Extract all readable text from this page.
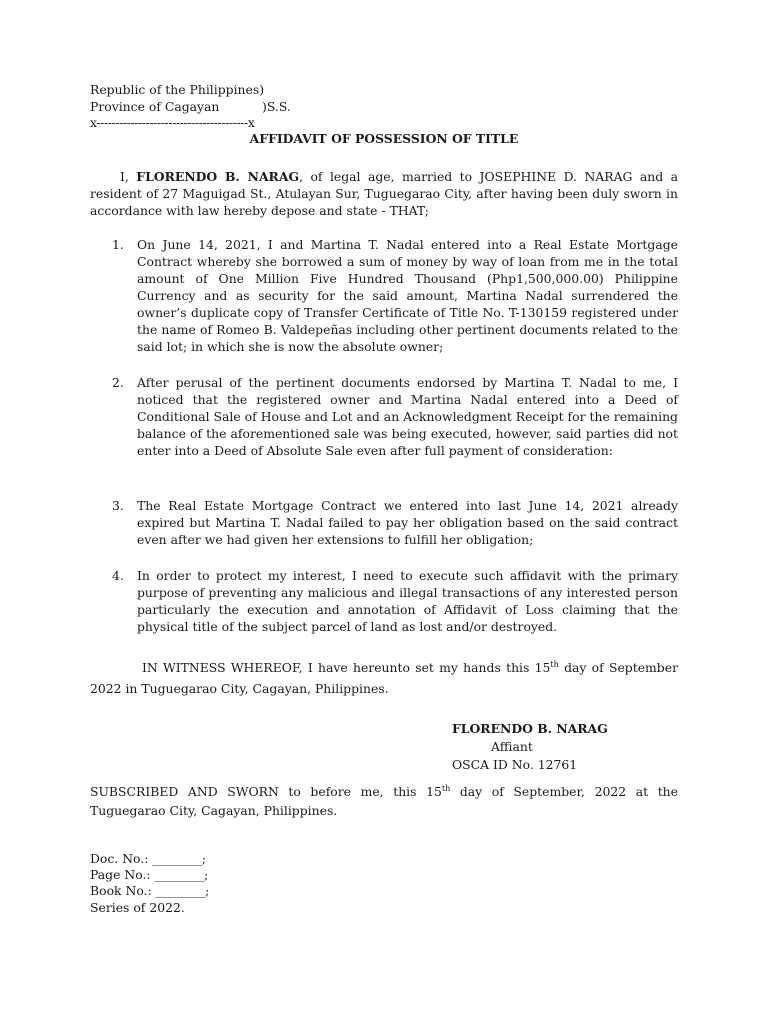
Republic of the Philippines)
Province of Cagayan	)S.S.
x----------------------------------------x
AFFIDAVIT OF POSSESSION OF TITLE

I, FLORENDO B. NARAG, of legal age, married to JOSEPHINE D. NARAG and a resident of 27 Maguigad St., Atulayan Sur, Tuguegarao City, after having been duly sworn in accordance with law hereby depose and state - THAT;

1. On June 14, 2021, I and Martina T. Nadal entered into a Real Estate Mortgage Contract whereby she borrowed a sum of money by way of loan from me in the total amount of One Million Five Hundred Thousand (Php1,500,000.00) Philippine Currency and as security for the said amount, Martina Nadal surrendered the owner’s duplicate copy of Transfer Certificate of Title No. T-130159 registered under the name of Romeo B. Valdepeñas including other pertinent documents related to the said lot; in which she is now the absolute owner;
2. After perusal of the pertinent documents endorsed by Martina T. Nadal to me, I noticed that the registered owner and Martina Nadal entered into a Deed of Conditional Sale of House and Lot and an Acknowledgment Receipt for the remaining balance of the aforementioned sale was being executed, however, said parties did not enter into a Deed of Absolute Sale even after full payment of consideration:
3. The Real Estate Mortgage Contract we entered into last June 14, 2021 already expired but Martina T. Nadal failed to pay her obligation based on the said contract even after we had given her extensions to fulfill her obligation;
4. In order to protect my interest, I need to execute such affidavit with the primary purpose of preventing any malicious and illegal transactions of any interested person particularly the execution and annotation of Affidavit of Loss claiming that the physical title of the subject parcel of land as lost and/or destroyed.

IN WITNESS WHEREOF, I have hereunto set my hands this 15th day of September 2022 in Tuguegarao City, Cagayan, Philippines.

FLORENDO B. NARAG
Affiant
OSCA ID No. 12761

SUBSCRIBED AND SWORN to before me, this 15th day of September, 2022 at the Tuguegarao City, Cagayan, Philippines.

Doc. No.: ________;
Page No.: ________;
Book No.: ________;
Series of 2022.
